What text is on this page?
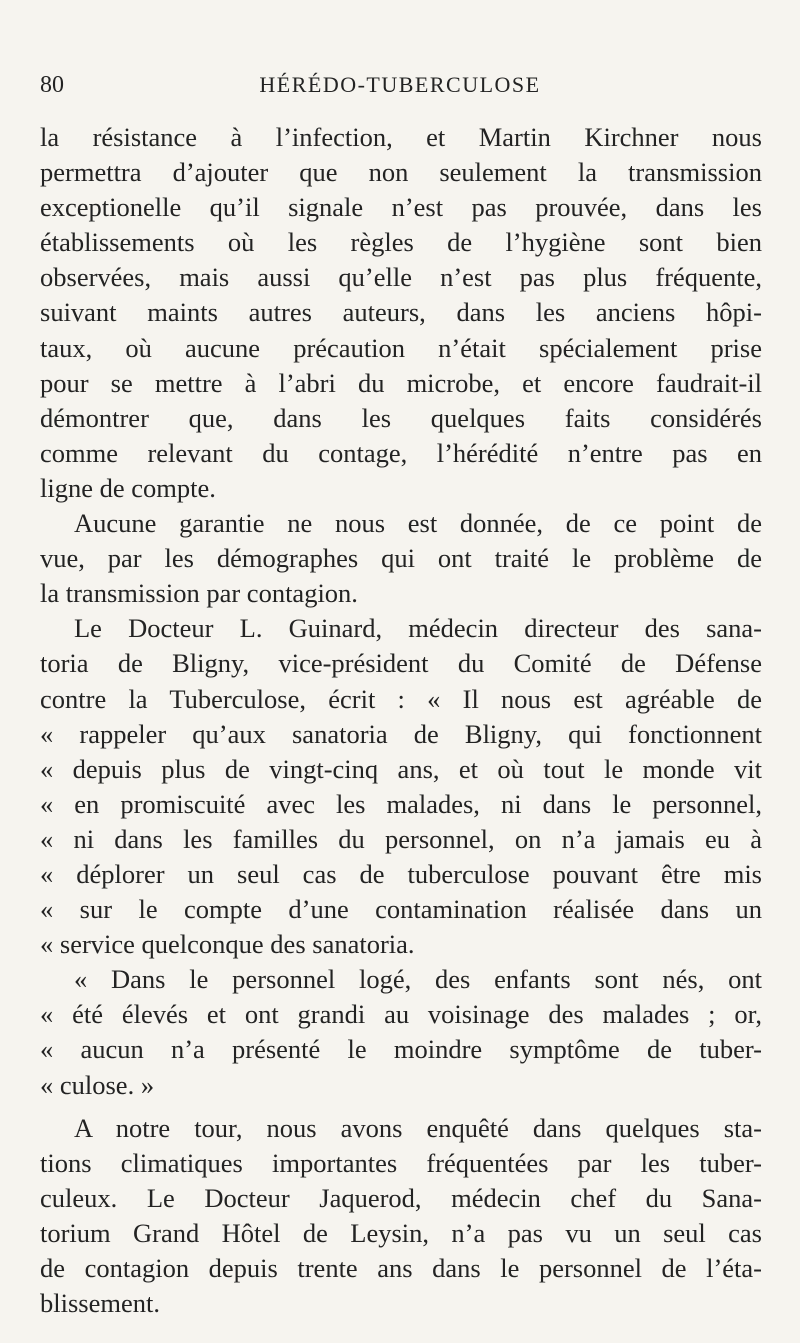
80	HÉRÉDO-TUBERCULOSE
la résistance à l’infection, et Martin Kirchner nous
permettra d’ajouter que non seulement la transmission
exceptionelle qu’il signale n’est pas prouvée, dans les
établissements où les règles de l’hygiène sont bien
observées, mais aussi qu’elle n’est pas plus fréquente,
suivant maints autres auteurs, dans les anciens hôpi-
taux, où aucune précaution n’était spécialement prise
pour se mettre à l’abri du microbe, et encore faudrait-il
démontrer que, dans les quelques faits considérés
comme relevant du contage, l’hérédité n’entre pas en
ligne de compte.
Aucune garantie ne nous est donnée, de ce point de
vue, par les démographes qui ont traité le problème de
la transmission par contagion.
Le Docteur L. Guinard, médecin directeur des sana-
toria de Bligny, vice-président du Comité de Défense
contre la Tuberculose, écrit : « Il nous est agréable de
« rappeler qu’aux sanatoria de Bligny, qui fonctionnent
« depuis plus de vingt-cinq ans, et où tout le monde vit
« en promiscuité avec les malades, ni dans le personnel,
« ni dans les familles du personnel, on n’a jamais eu à
« déplorer un seul cas de tuberculose pouvant être mis
« sur le compte d’une contamination réalisée dans un
« service quelconque des sanatoria.
« Dans le personnel logé, des enfants sont nés, ont
« été élevés et ont grandi au voisinage des malades ; or,
« aucun n’a présenté le moindre symptôme de tuber-
« culose. »
A notre tour, nous avons enquêté dans quelques sta-
tions climatiques importantes fréquentées par les tuber-
culeux. Le Docteur Jaquerod, médecin chef du Sana-
torium Grand Hôtel de Leysin, n’a pas vu un seul cas
de contagion depuis trente ans dans le personnel de l’éta-
blissement.
